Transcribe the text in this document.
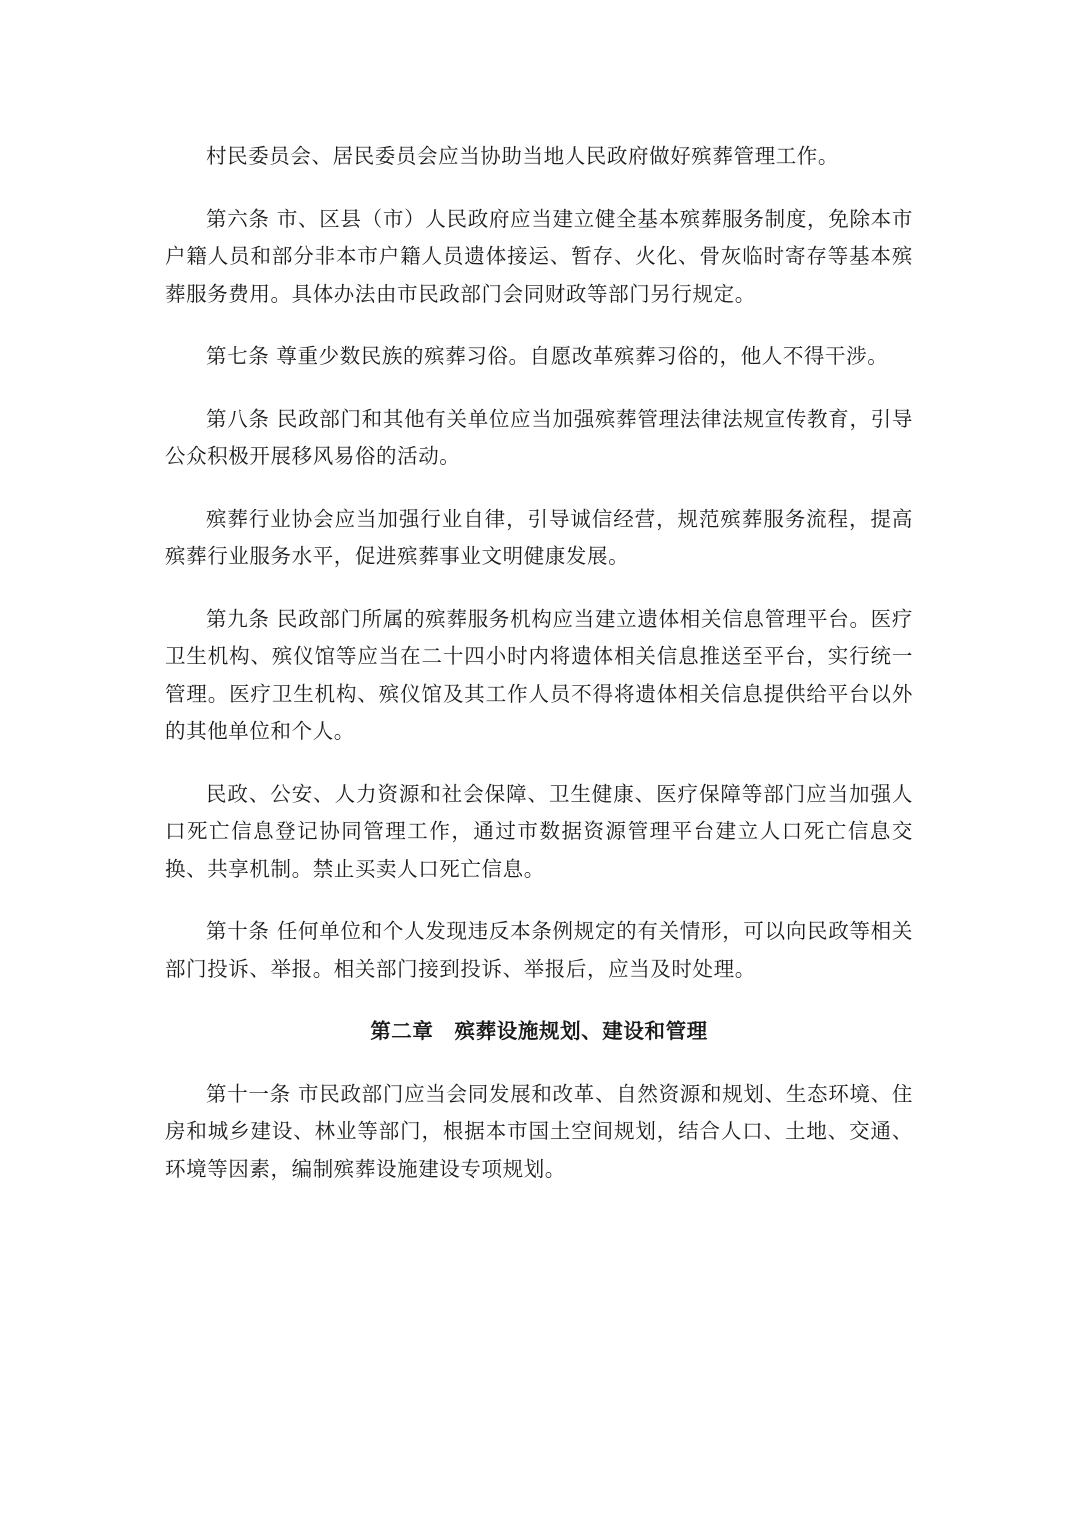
村民委员会、居民委员会应当协助当地人民政府做好殡葬管理工作。

第六条 市、区县（市）人民政府应当建立健全基本殡葬服务制度，免除本市户籍人员和部分非本市户籍人员遗体接运、暂存、火化、骨灰临时寄存等基本殡葬服务费用。具体办法由市民政部门会同财政等部门另行规定。

第七条 尊重少数民族的殡葬习俗。自愿改革殡葬习俗的，他人不得干涉。

第八条 民政部门和其他有关单位应当加强殡葬管理法律法规宣传教育，引导公众积极开展移风易俗的活动。

殡葬行业协会应当加强行业自律，引导诚信经营，规范殡葬服务流程，提高殡葬行业服务水平，促进殡葬事业文明健康发展。

第九条 民政部门所属的殡葬服务机构应当建立遗体相关信息管理平台。医疗卫生机构、殡仪馆等应当在二十四小时内将遗体相关信息推送至平台，实行统一管理。医疗卫生机构、殡仪馆及其工作人员不得将遗体相关信息提供给平台以外的其他单位和个人。

民政、公安、人力资源和社会保障、卫生健康、医疗保障等部门应当加强人口死亡信息登记协同管理工作，通过市数据资源管理平台建立人口死亡信息交换、共享机制。禁止买卖人口死亡信息。

第十条 任何单位和个人发现违反本条例规定的有关情形，可以向民政等相关部门投诉、举报。相关部门接到投诉、举报后，应当及时处理。

第二章　殡葬设施规划、建设和管理

第十一条 市民政部门应当会同发展和改革、自然资源和规划、生态环境、住房和城乡建设、林业等部门，根据本市国土空间规划，结合人口、土地、交通、环境等因素，编制殡葬设施建设专项规划。
